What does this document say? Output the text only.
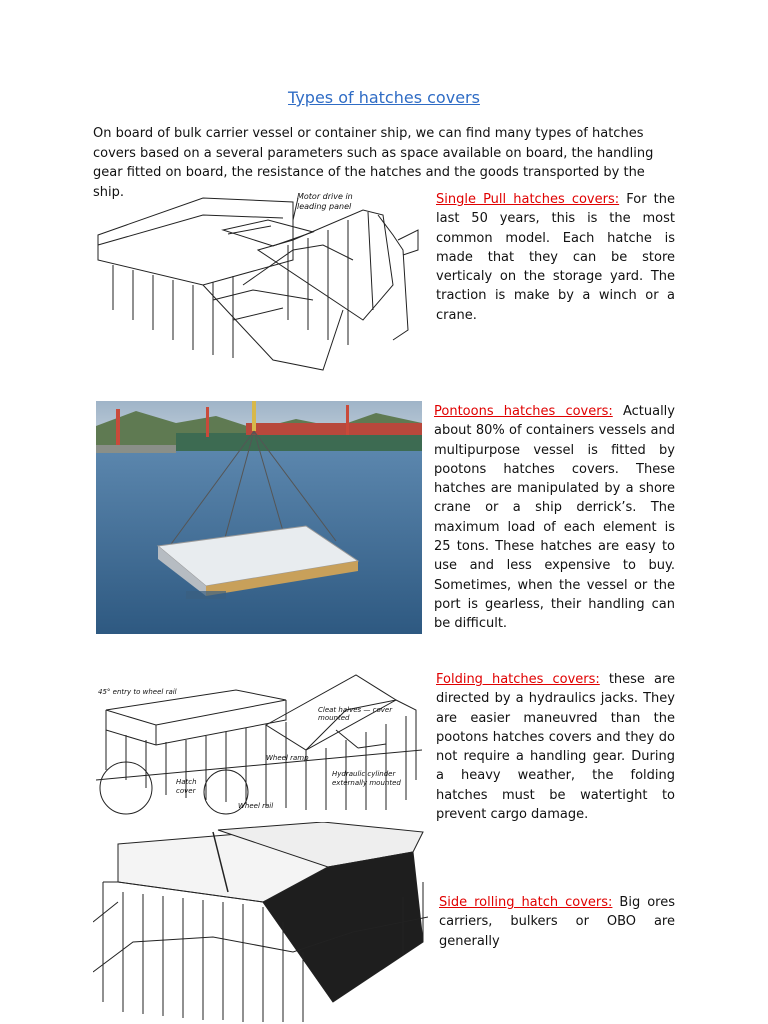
Types of hatches covers
On board of bulk carrier vessel or container ship, we can find many types of hatches covers based on a several parameters such as space available on board, the handling gear fitted on board, the resistance of the hatches and the goods transported by the ship.	Motor drive in
leading panel	Single Pull hatches covers: For the last 50 years, this is the most common model. Each hatche is made that they can be store verticaly on the storage yard. The traction is make by a winch or a crane.
Pontoons hatches covers: Actually about 80% of containers vessels and multipurpose vessel is fitted by pootons hatches covers. These hatches are manipulated by a shore crane or a ship derrick’s. The maximum load of each element is 25 tons. These hatches are easy to use and less expensive to buy. Sometimes, when the vessel or the port is gearless, their handling can be difficult.
45° entry to wheel rail
Cleat halves — cover mounted
Wheel ramp
Hatch
cover
Hydraulic cylinder
externally mounted
Wheel rail
Folding hatches covers: these are directed by a hydraulics jacks. They are easier maneuvred than the pootons hatches covers and they do not require a handling gear. During a heavy weather, the folding hatches must be watertight to prevent cargo damage.
Side rolling hatch covers: Big ores carriers, bulkers or OBO are generally
